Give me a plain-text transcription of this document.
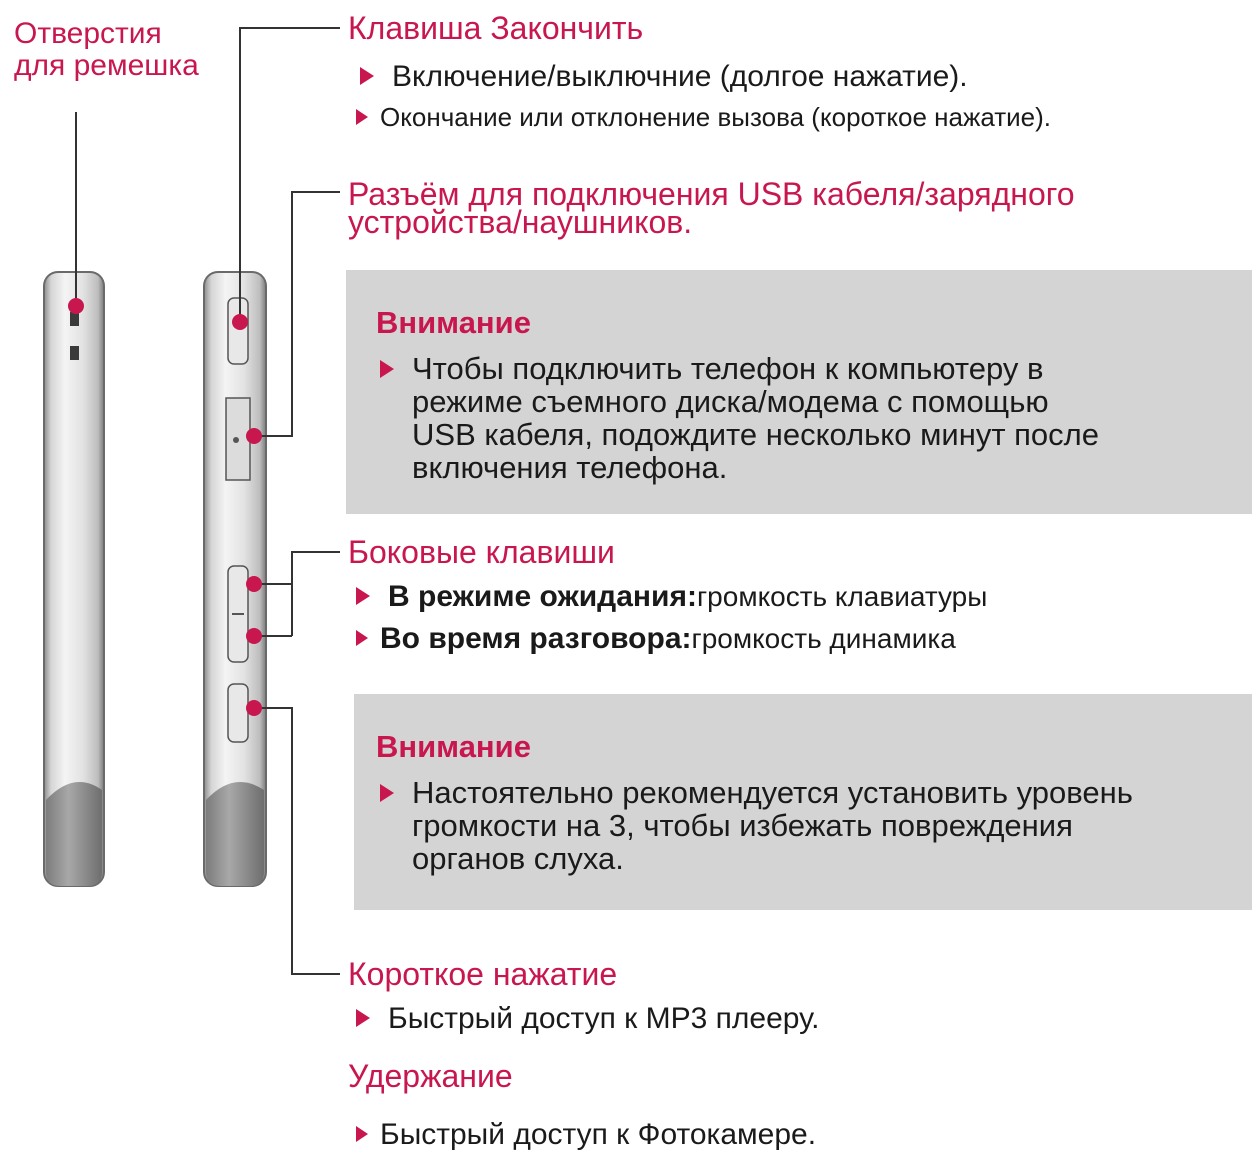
Отверстия
для ремешка
Клавиша Закончить
Включение/выключние (долгое нажатие).
Окончание или отклонение вызова (короткое нажатие).
Разъём для подключения USB кабеля/зарядного
устройства/наушников.
Внимание
Чтобы подключить телефон к компьютеру в
режиме съемного диска/модема с помощью
USB кабеля, подождите несколько минут после
включения телефона.
Боковые клавиши
В режиме ожидания:громкость клавиатуры
Во время разговора:громкость динамика
Внимание
Настоятельно рекомендуется установить уровень
громкости на 3, чтобы избежать повреждения
органов слуха.
Короткое нажатие
Быстрый доступ к MP3 плееру.
Удержание
Быстрый доступ к Фотокамере.
